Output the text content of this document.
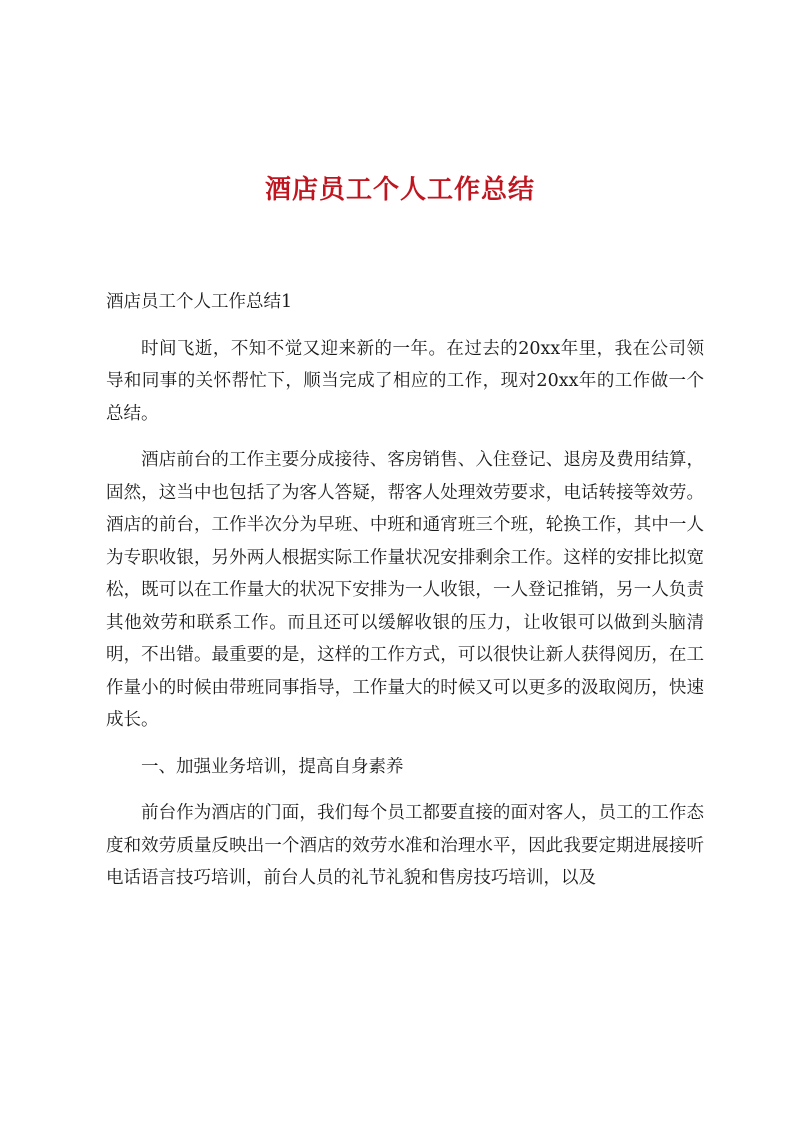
酒店员工个人工作总结

酒店员工个人工作总结1

时间飞逝，不知不觉又迎来新的一年。在过去的20xx年里，我在公司领导和同事的关怀帮忙下，顺当完成了相应的工作，现对20xx年的工作做一个总结。

酒店前台的工作主要分成接待、客房销售、入住登记、退房及费用结算，固然，这当中也包括了为客人答疑，帮客人处理效劳要求，电话转接等效劳。酒店的前台，工作半次分为早班、中班和通宵班三个班，轮换工作，其中一人为专职收银，另外两人根据实际工作量状况安排剩余工作。这样的安排比拟宽松，既可以在工作量大的状况下安排为一人收银，一人登记推销，另一人负责其他效劳和联系工作。而且还可以缓解收银的压力，让收银可以做到头脑清明，不出错。最重要的是，这样的工作方式，可以很快让新人获得阅历，在工作量小的时候由带班同事指导，工作量大的时候又可以更多的汲取阅历，快速成长。

一、加强业务培训，提高自身素养

前台作为酒店的门面，我们每个员工都要直接的面对客人，员工的工作态度和效劳质量反映出一个酒店的效劳水准和治理水平，因此我要定期进展接听电话语言技巧培训，前台人员的礼节礼貌和售房技巧培训，以及
